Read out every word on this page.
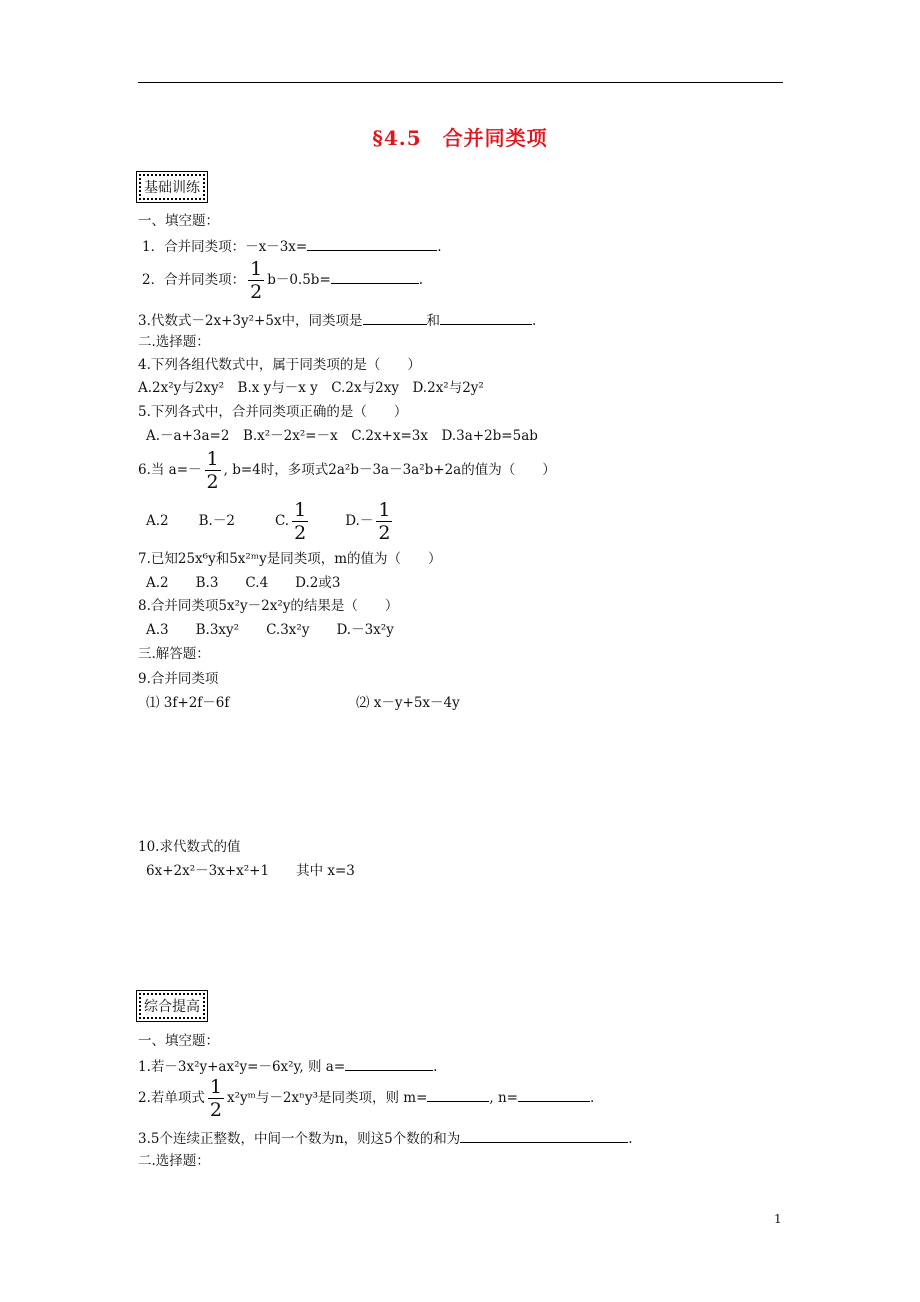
§4.5　合并同类项
基础训练
一、填空题：
1．合并同类项：－x－3x=	.
2．合并同类项： $\frac{1}{2} b-0.5b=$	.
3.代数式－2x+3y²+5x中，同类项是	和	.
二.选择题：
4.下列各组代数式中，属于同类项的是（　　）
A.2x²y与2xy²　B.x y与－x y　C.2x与2xy　D.2x²与2y²
5.下列各式中，合并同类项正确的是（　　）
A.－a+3a=2　B.x²－2x²=－x　C.2x+x=3x　D.3a+2b=5ab
6.当 $a=- \frac{1}{2}$ , b=4时，多项式2a²b－3a－3a²b+2a的值为（　　）
A.2 B.－2	C. $\frac{1}{2}$	$D.- \frac{1}{2}$
7.已知25x⁶y和5x²ᵐy是同类项，m的值为（　　）
A.2　　B.3　　C.4　　D.2或3
8.合并同类项5x²y－2x²y的结果是（　　）
A.3　　B.3xy²　　C.3x²y　　D.－3x²y
三.解答题：
9.合并同类项
⑴ 3f+2f－6f	⑵ x－y+5x－4y
10.求代数式的值
6x+2x²－3x+x²+1　　其中 x=3
综合提高
一、填空题：
1.若－3x²y+ax²y=－6x²y, 则 a=	.
2.若单项式 $\frac{1}{2}$ x²yᵐ与－2xⁿy³是同类项，则 m=	, n=	.
3.5个连续正整数，中间一个数为n，则这5个数的和为	.
二.选择题：
1
